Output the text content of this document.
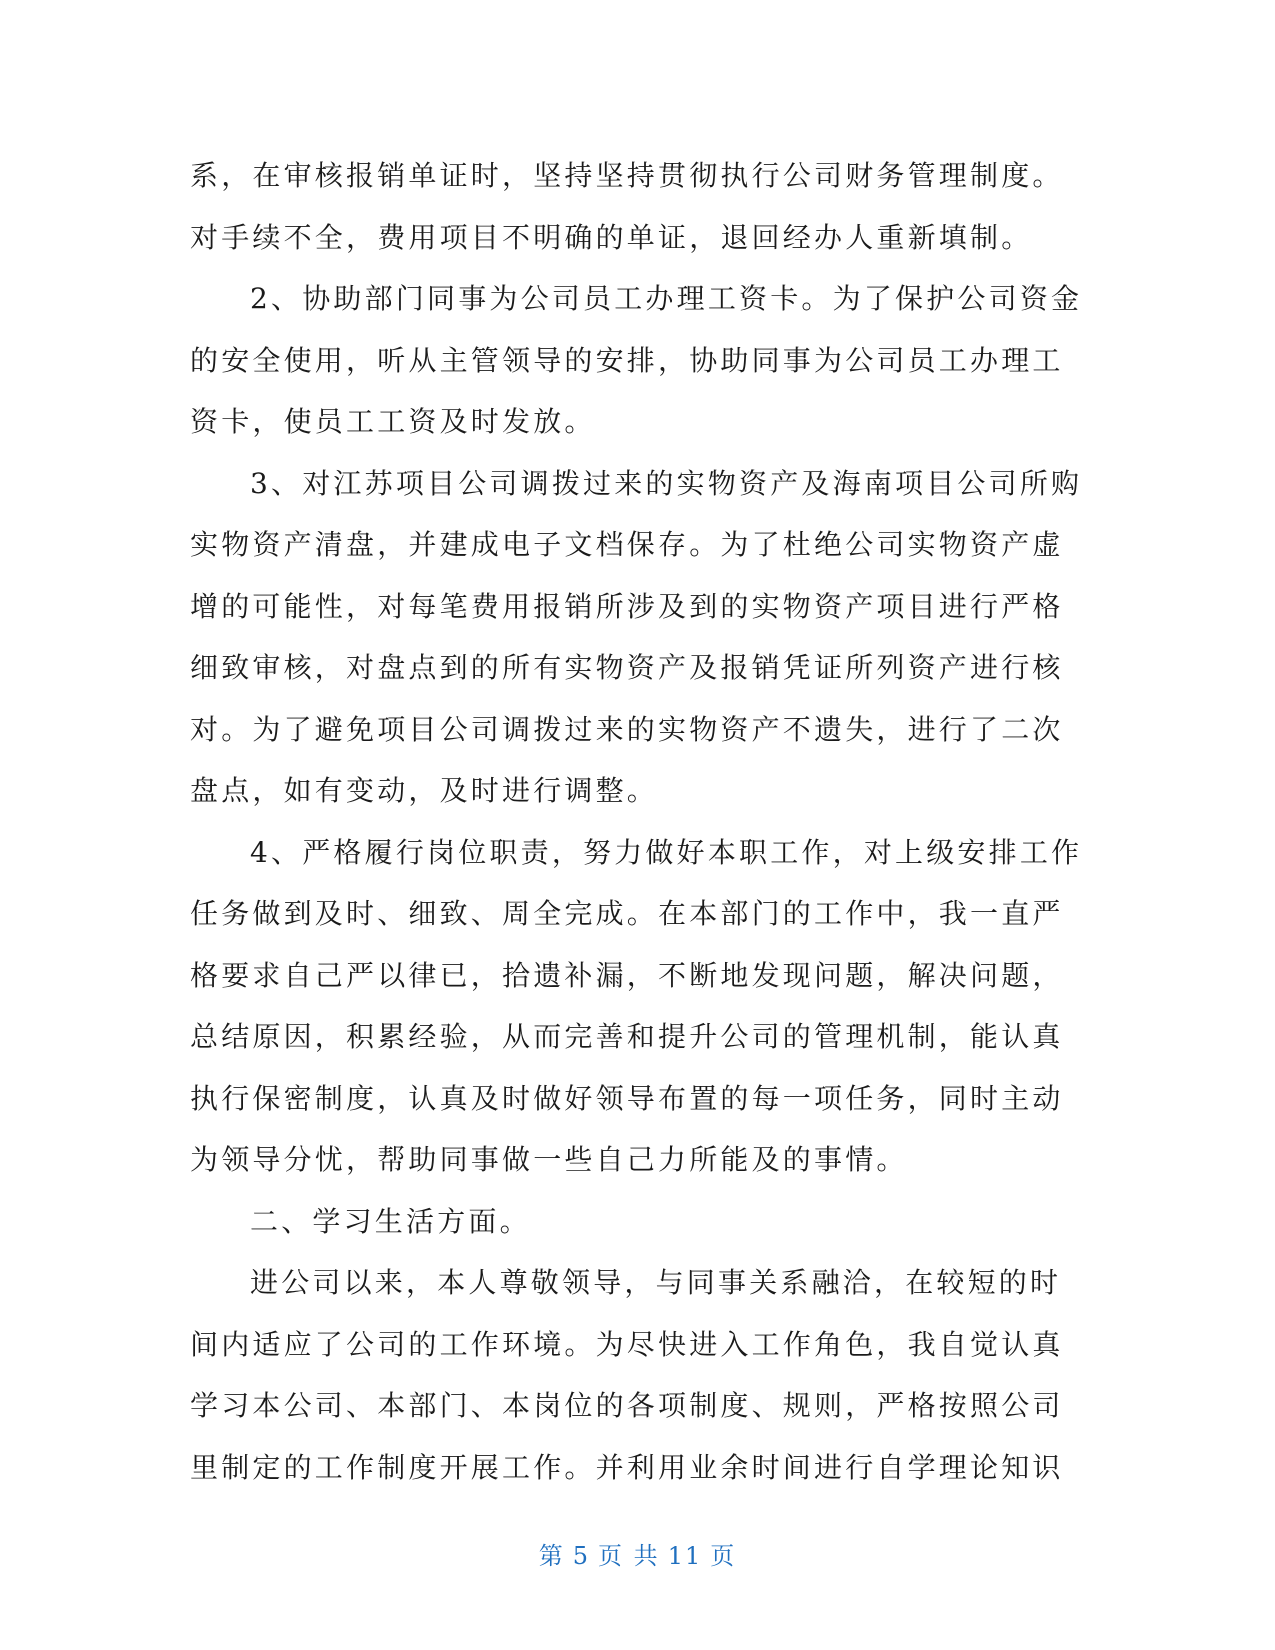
系，在审核报销单证时，坚持坚持贯彻执行公司财务管理制度。
对手续不全，费用项目不明确的单证，退回经办人重新填制。
2、协助部门同事为公司员工办理工资卡。为了保护公司资金
的安全使用，听从主管领导的安排，协助同事为公司员工办理工
资卡，使员工工资及时发放。
3、对江苏项目公司调拨过来的实物资产及海南项目公司所购
实物资产清盘，并建成电子文档保存。为了杜绝公司实物资产虚
增的可能性，对每笔费用报销所涉及到的实物资产项目进行严格
细致审核，对盘点到的所有实物资产及报销凭证所列资产进行核
对。为了避免项目公司调拨过来的实物资产不遗失，进行了二次
盘点，如有变动，及时进行调整。
4、严格履行岗位职责，努力做好本职工作，对上级安排工作
任务做到及时、细致、周全完成。在本部门的工作中，我一直严
格要求自己严以律已，拾遗补漏，不断地发现问题，解决问题，
总结原因，积累经验，从而完善和提升公司的管理机制，能认真
执行保密制度，认真及时做好领导布置的每一项任务，同时主动
为领导分忧，帮助同事做一些自己力所能及的事情。
二、学习生活方面。
进公司以来，本人尊敬领导，与同事关系融洽，在较短的时
间内适应了公司的工作环境。为尽快进入工作角色，我自觉认真
学习本公司、本部门、本岗位的各项制度、规则，严格按照公司
里制定的工作制度开展工作。并利用业余时间进行自学理论知识
第 5 页 共 11 页
